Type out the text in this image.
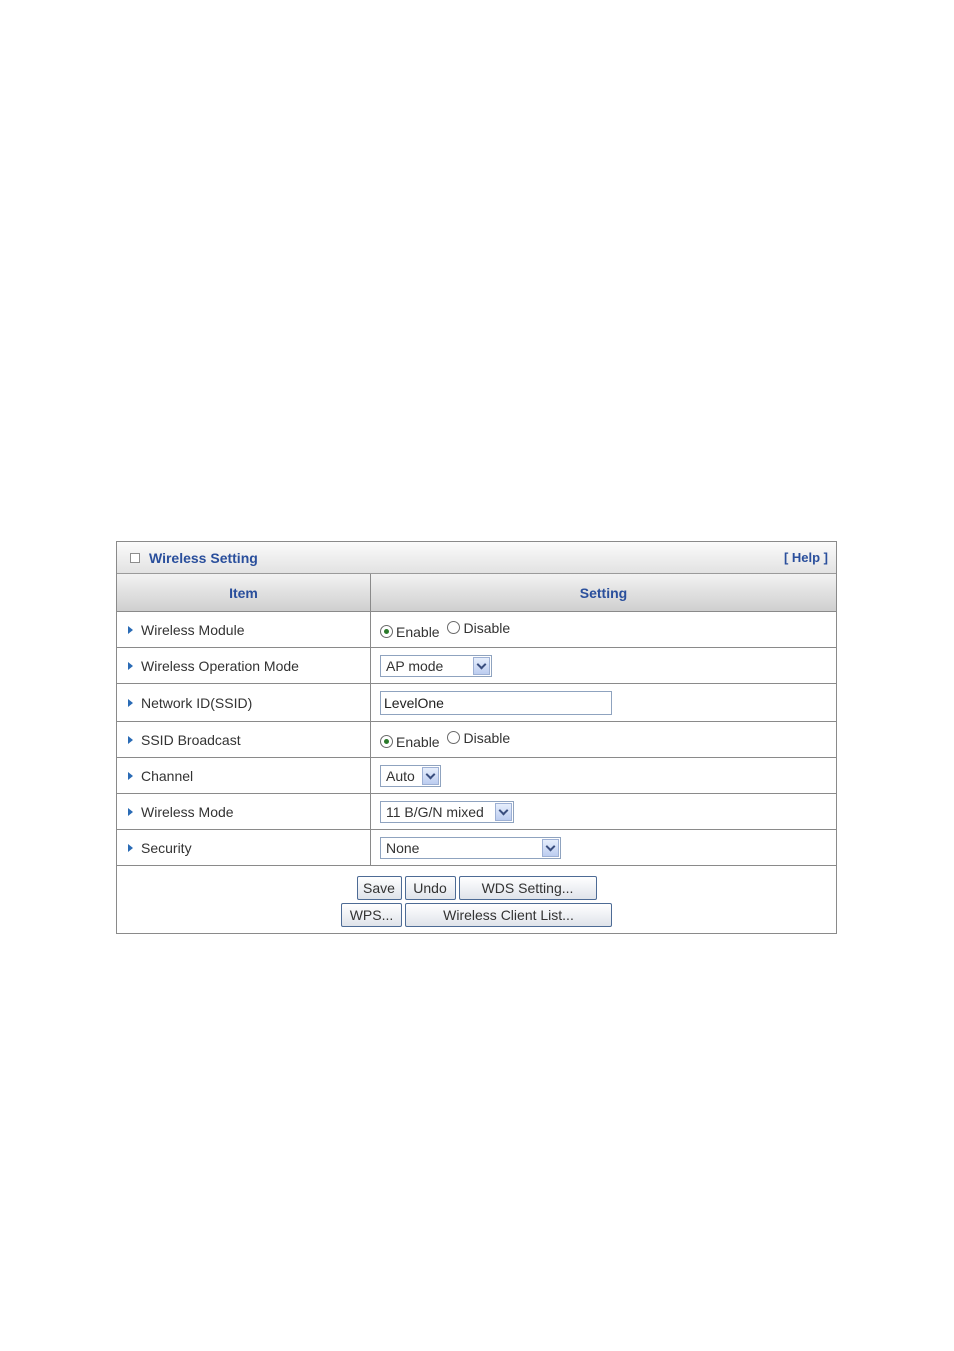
Wireless Setting	[ Help ]
Item	Setting
Wireless Module	Enable
Disable

Wireless Operation Mode	AP mode

Network ID(SSID)	LevelOne
SSID Broadcast	Enable
Disable

Channel	Auto

Wireless Mode	11 B/G/N mixed

Security	None

Save Undo WDS Setting...
WPS... Wireless Client List...	
